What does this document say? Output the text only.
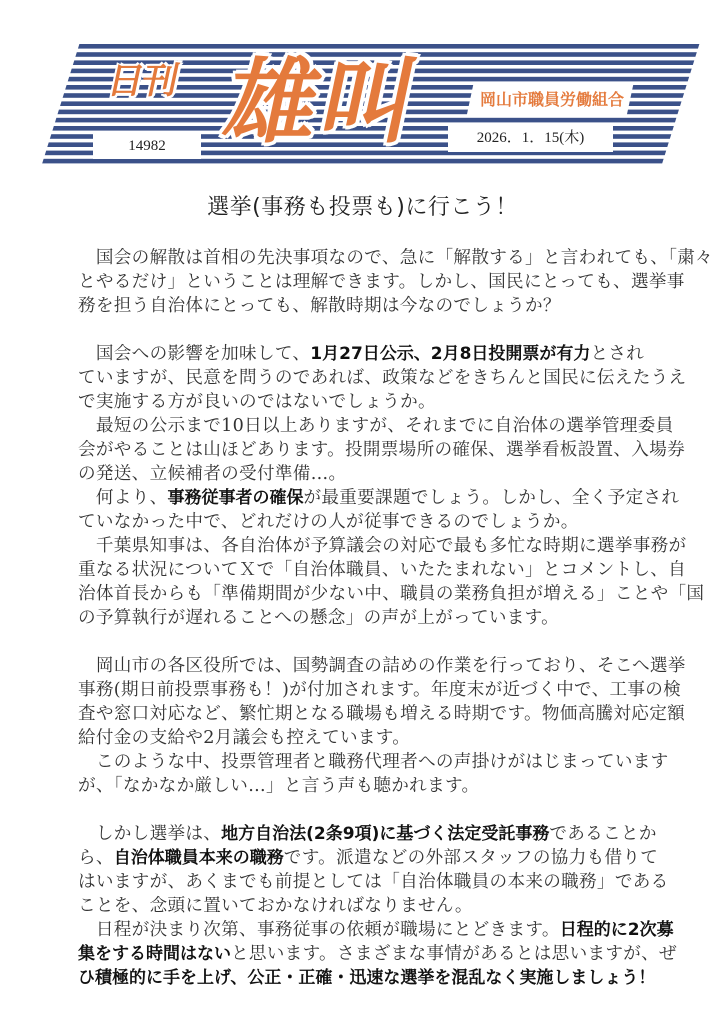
日刊 雄叫	岡山市職員労働組合
14982	2026．1．15(木)
選挙(事務も投票も)に行こう！
　国会の解散は首相の先決事項なので、急に「解散する」と言われても、「粛々
とやるだけ」ということは理解できます。しかし、国民にとっても、選挙事
務を担う自治体にとっても、解散時期は今なのでしょうか？
　国会への影響を加味して、1月27日公示、2月8日投開票が有力とされ
ていますが、民意を問うのであれば、政策などをきちんと国民に伝えたうえ
で実施する方が良いのではないでしょうか。
　最短の公示まで10日以上ありますが、それまでに自治体の選挙管理委員
会がやることは山ほどあります。投開票場所の確保、選挙看板設置、入場券
の発送、立候補者の受付準備…。
　何より、事務従事者の確保が最重要課題でしょう。しかし、全く予定され
ていなかった中で、どれだけの人が従事できるのでしょうか。
　千葉県知事は、各自治体が予算議会の対応で最も多忙な時期に選挙事務が
重なる状況についてＸで「自治体職員、いたたまれない」とコメントし、自
治体首長からも「準備期間が少ない中、職員の業務負担が増える」ことや「国
の予算執行が遅れることへの懸念」の声が上がっています。
　岡山市の各区役所では、国勢調査の詰めの作業を行っており、そこへ選挙
事務(期日前投票事務も！)が付加されます。年度末が近づく中で、工事の検
査や窓口対応など、繁忙期となる職場も増える時期です。物価高騰対応定額
給付金の支給や2月議会も控えています。
　このような中、投票管理者と職務代理者への声掛けがはじまっています
が、「なかなか厳しい…」と言う声も聴かれます。
　しかし選挙は、地方自治法(2条9項)に基づく法定受託事務であることか
ら、自治体職員本来の職務です。派遣などの外部スタッフの協力も借りて
はいますが、あくまでも前提としては「自治体職員の本来の職務」である
ことを、念頭に置いておかなければなりません。
　日程が決まり次第、事務従事の依頼が職場にとどきます。日程的に2次募
集をする時間はないと思います。さまざまな事情があるとは思いますが、ぜ
ひ積極的に手を上げ、公正・正確・迅速な選挙を混乱なく実施しましょう！
